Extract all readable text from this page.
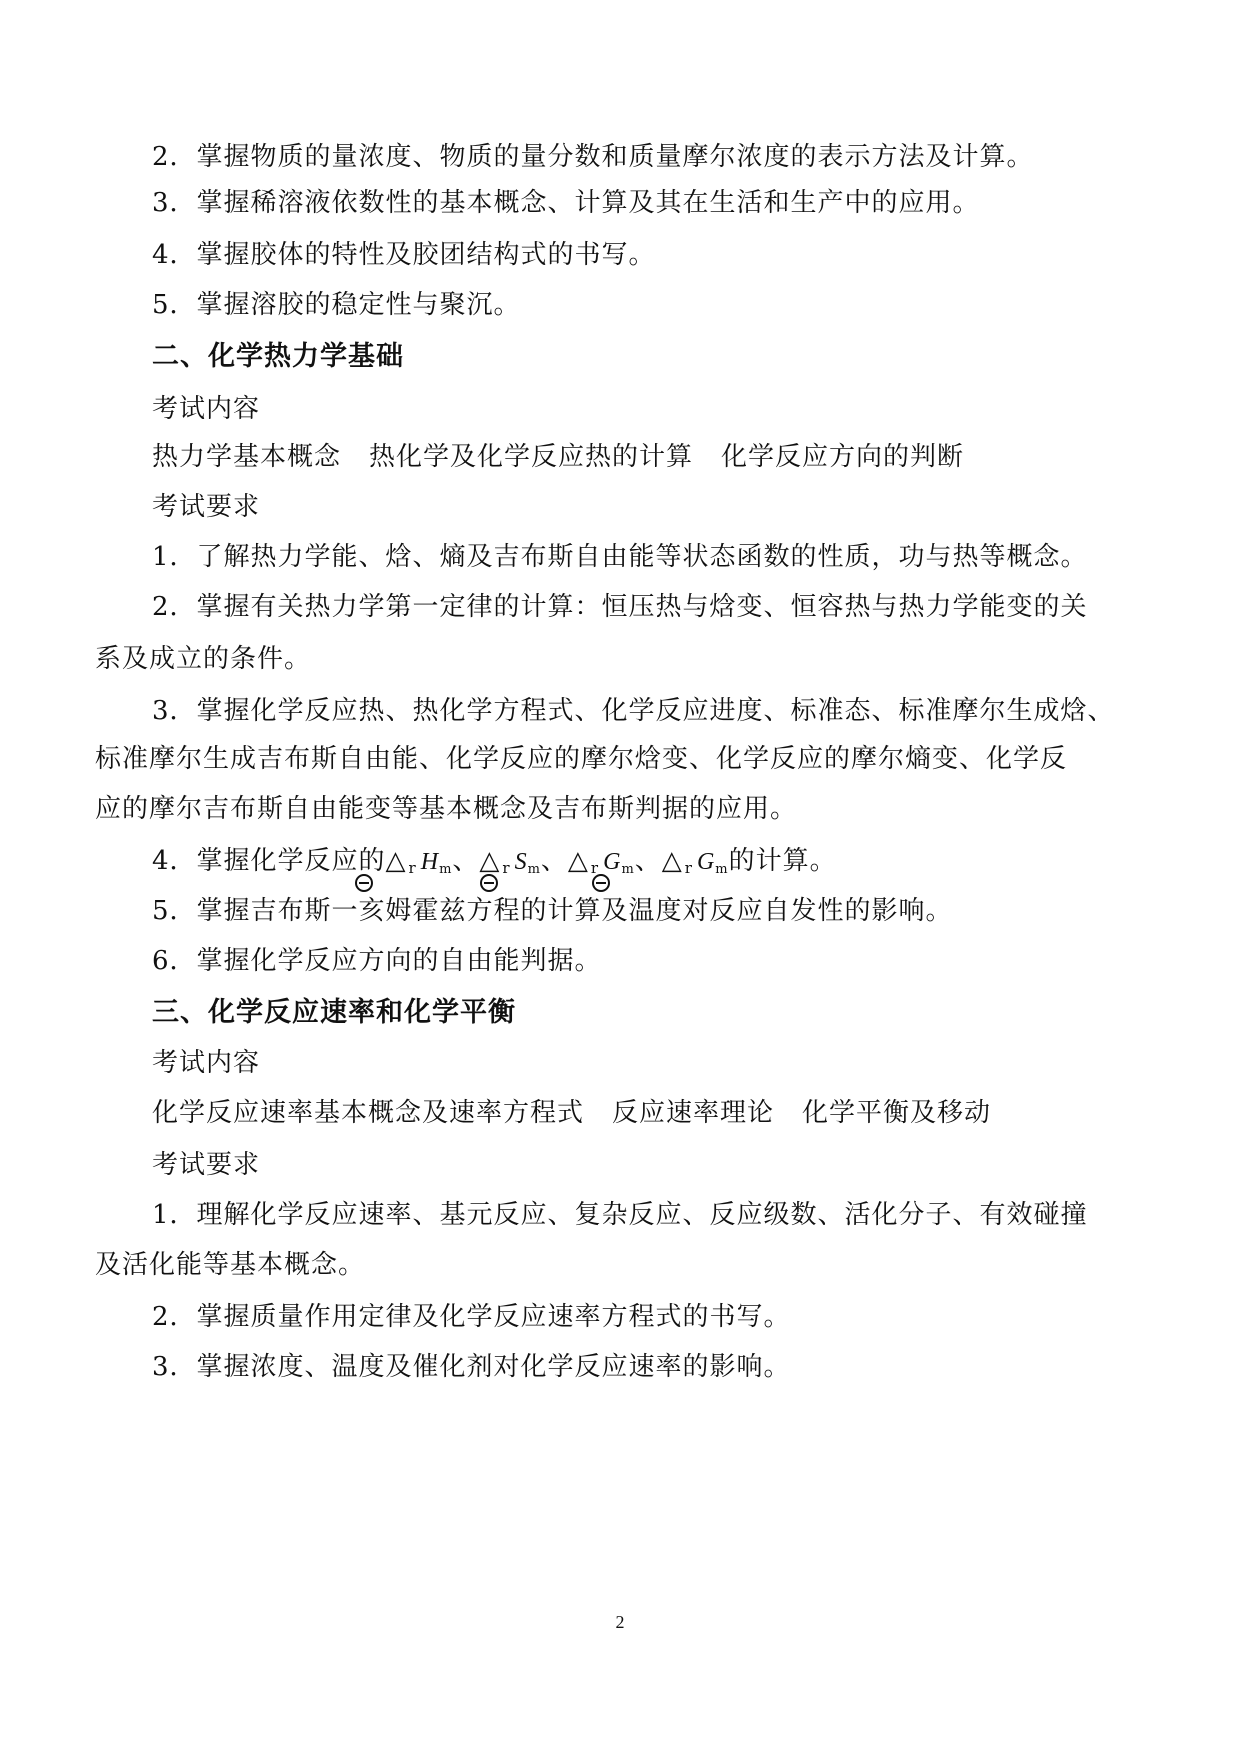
2．掌握物质的量浓度、物质的量分数和质量摩尔浓度的表示方法及计算。
3．掌握稀溶液依数性的基本概念、计算及其在生活和生产中的应用。
4．掌握胶体的特性及胶团结构式的书写。
5．掌握溶胶的稳定性与聚沉。
二、化学热力学基础
考试内容
热力学基本概念 热化学及化学反应热的计算 化学反应方向的判断
考试要求
1．了解热力学能、焓、熵及吉布斯自由能等状态函数的性质，功与热等概念。
2．掌握有关热力学第一定律的计算：恒压热与焓变、恒容热与热力学能变的关
系及成立的条件。
3．掌握化学反应热、热化学方程式、化学反应进度、标准态、标准摩尔生成焓、
标准摩尔生成吉布斯自由能、化学反应的摩尔焓变、化学反应的摩尔熵变、化学反
应的摩尔吉布斯自由能变等基本概念及吉布斯判据的应用。
4．掌握化学反应的△ $_r$ Hm、△ $_r$ Sm、△ $_r$ Gm、△ $_r$ Gm的计算。
5．掌握吉布斯一亥姆霍兹方程的计算及温度对反应自发性的影响。
6．掌握化学反应方向的自由能判据。
三、化学反应速率和化学平衡
考试内容
化学反应速率基本概念及速率方程式 反应速率理论 化学平衡及移动
考试要求
1．理解化学反应速率、基元反应、复杂反应、反应级数、活化分子、有效碰撞
及活化能等基本概念。
2．掌握质量作用定律及化学反应速率方程式的书写。
3．掌握浓度、温度及催化剂对化学反应速率的影响。
2
